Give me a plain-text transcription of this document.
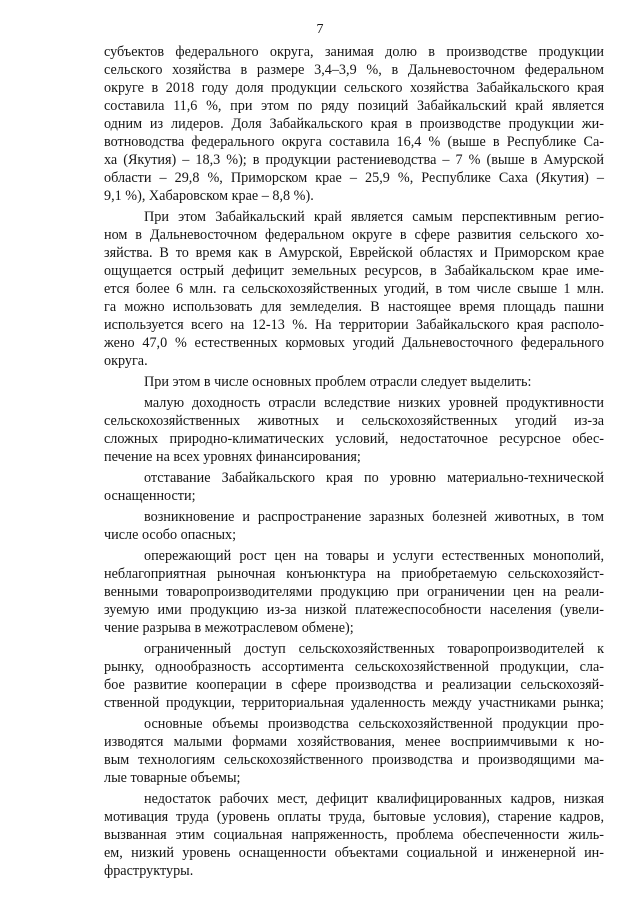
7
субъектов федерального округа, занимая долю в производстве продукции
сельского хозяйства в размере 3,4–3,9 %, в Дальневосточном федеральном
округе в 2018 году доля продукции сельского хозяйства Забайкальского края
составила 11,6 %, при этом по ряду позиций Забайкальский край является
одним из лидеров. Доля Забайкальского края в производстве продукции жи-
вотноводства федерального округа составила 16,4 % (выше в Республике Са-
ха (Якутия) – 18,3 %); в продукции растениеводства – 7 % (выше в Амурской
области – 29,8 %, Приморском крае – 25,9 %, Республике Саха (Якутия) –
9,1 %), Хабаровском крае – 8,8 %).
При этом Забайкальский край является самым перспективным регио-
ном в Дальневосточном федеральном округе в сфере развития сельского хо-
зяйства. В то время как в Амурской, Еврейской областях и Приморском крае
ощущается острый дефицит земельных ресурсов, в Забайкальском крае име-
ется более 6 млн. га сельскохозяйственных угодий, в том числе свыше 1 млн.
га можно использовать для земледелия. В настоящее время площадь пашни
используется всего на 12-13 %. На территории Забайкальского края располо-
жено 47,0 % естественных кормовых угодий Дальневосточного федерального
округа.
При этом в числе основных проблем отрасли следует выделить:
малую доходность отрасли вследствие низких уровней продуктивности
сельскохозяйственных животных и сельскохозяйственных угодий из-за
сложных природно-климатических условий, недостаточное ресурсное обес-
печение на всех уровнях финансирования;
отставание Забайкальского края по уровню материально-технической
оснащенности;
возникновение и распространение заразных болезней животных, в том
числе особо опасных;
опережающий рост цен на товары и услуги естественных монополий,
неблагоприятная рыночная конъюнктура на приобретаемую сельскохозяйст-
венными товаропроизводителями продукцию при ограничении цен на реали-
зуемую ими продукцию из-за низкой платежеспособности населения (увели-
чение разрыва в межотраслевом обмене);
ограниченный доступ сельскохозяйственных товаропроизводителей к
рынку, однообразность ассортимента сельскохозяйственной продукции, сла-
бое развитие кооперации в сфере производства и реализации сельскохозяй-
ственной продукции, территориальная удаленность между участниками рынка;
основные объемы производства сельскохозяйственной продукции про-
изводятся малыми формами хозяйствования, менее восприимчивыми к но-
вым технологиям сельскохозяйственного производства и производящими ма-
лые товарные объемы;
недостаток рабочих мест, дефицит квалифицированных кадров, низкая
мотивация труда (уровень оплаты труда, бытовые условия), старение кадров,
вызванная этим социальная напряженность, проблема обеспеченности жиль-
ем, низкий уровень оснащенности объектами социальной и инженерной ин-
фраструктуры.
